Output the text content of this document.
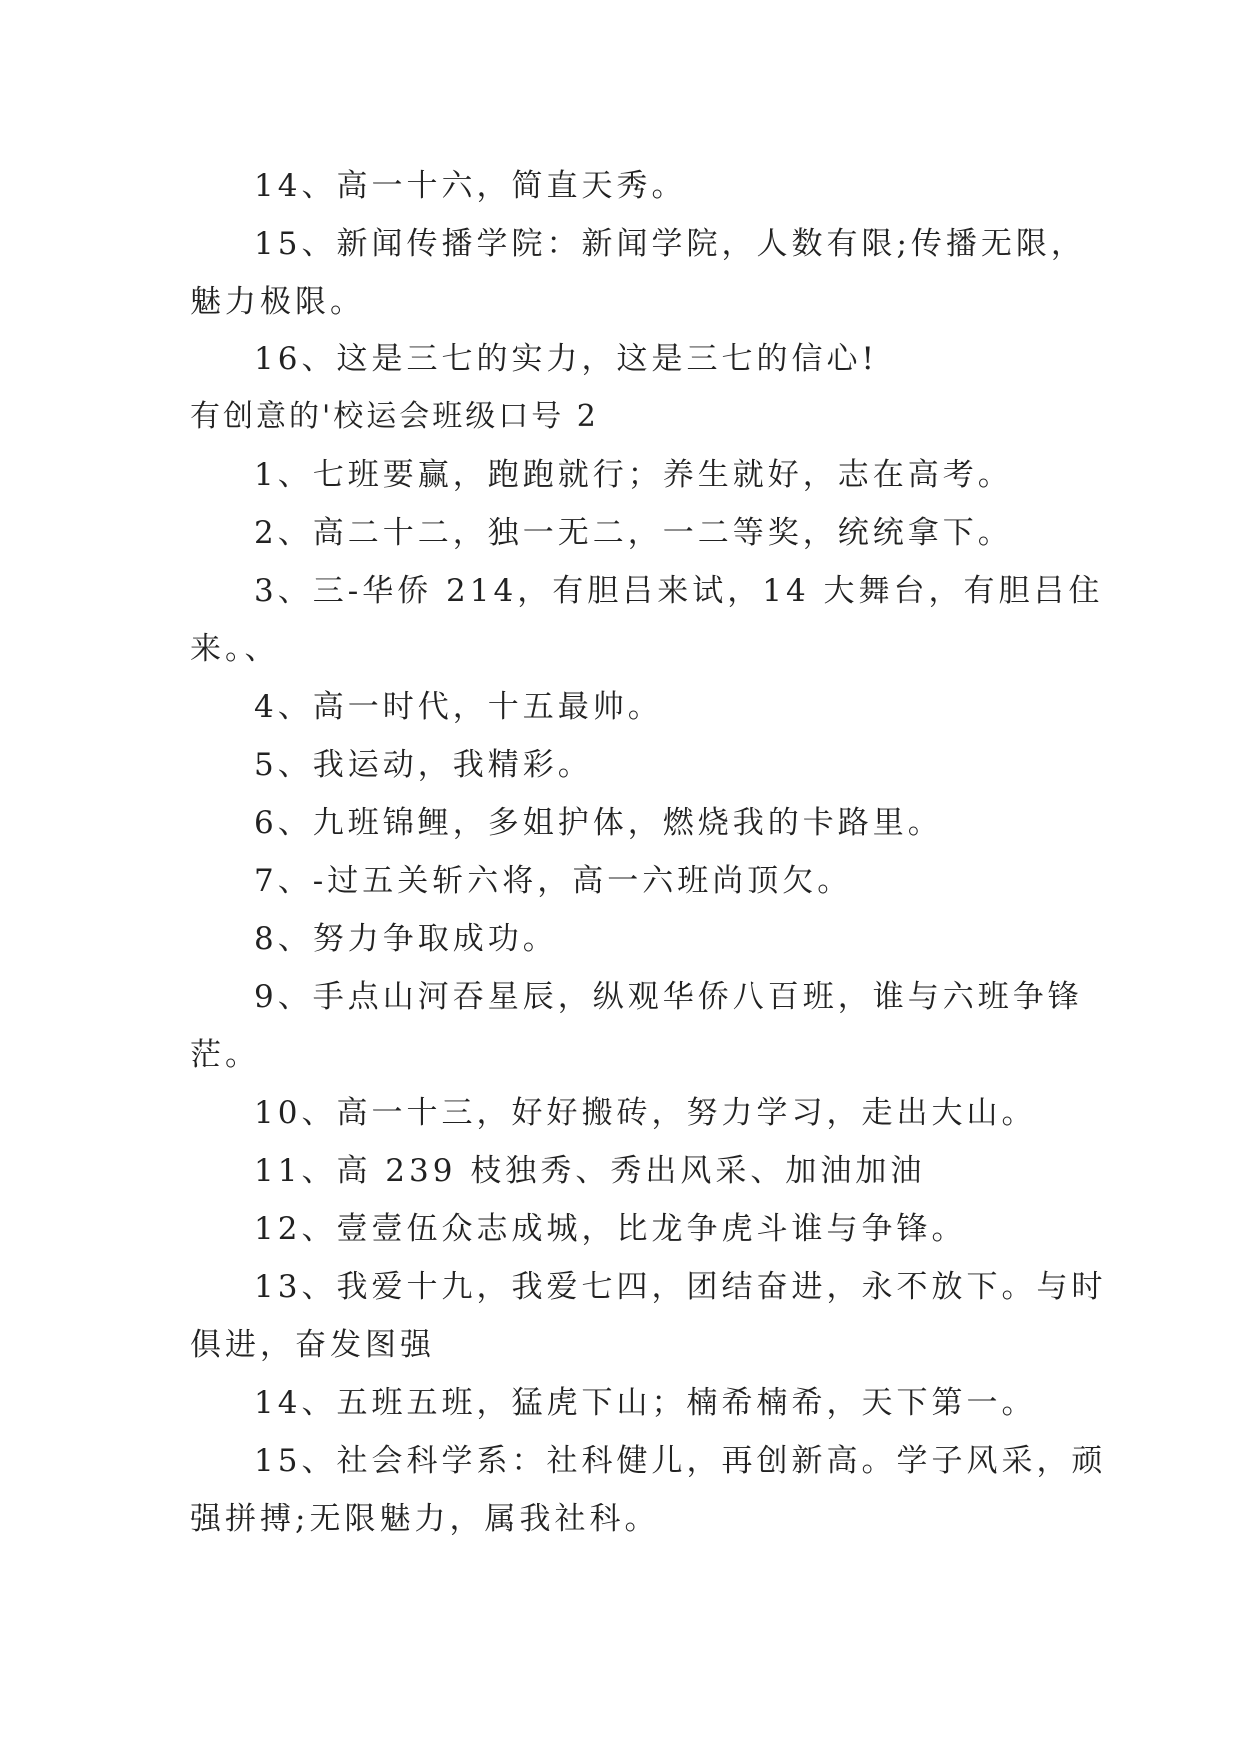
14、高一十六，简直天秀。
15、新闻传播学院：新闻学院，人数有限;传播无限，
魅力极限。
16、这是三七的实力，这是三七的信心!
有创意的'校运会班级口号 2
1、七班要赢，跑跑就行；养生就好，志在高考。
2、高二十二，独一无二，一二等奖，统统拿下。
3、三-华侨 214，有胆吕来试，14 大舞台，有胆吕住
来。、
4、高一时代，十五最帅。
5、我运动，我精彩。
6、九班锦鲤，多姐护体，燃烧我的卡路里。
7、-过五关斩六将，高一六班尚顶欠。
8、努力争取成功。
9、手点山河吞星辰，纵观华侨八百班，谁与六班争锋
茫。
10、高一十三，好好搬砖，努力学习，走出大山。
11、高 239 枝独秀、秀出风采、加油加油
12、壹壹伍众志成城，比龙争虎斗谁与争锋。
13、我爱十九，我爱七四，团结奋进，永不放下。与时
俱进，奋发图强
14、五班五班，猛虎下山；楠希楠希，天下第一。
15、社会科学系：社科健儿，再创新高。学子风采，顽
强拼搏;无限魅力，属我社科。
